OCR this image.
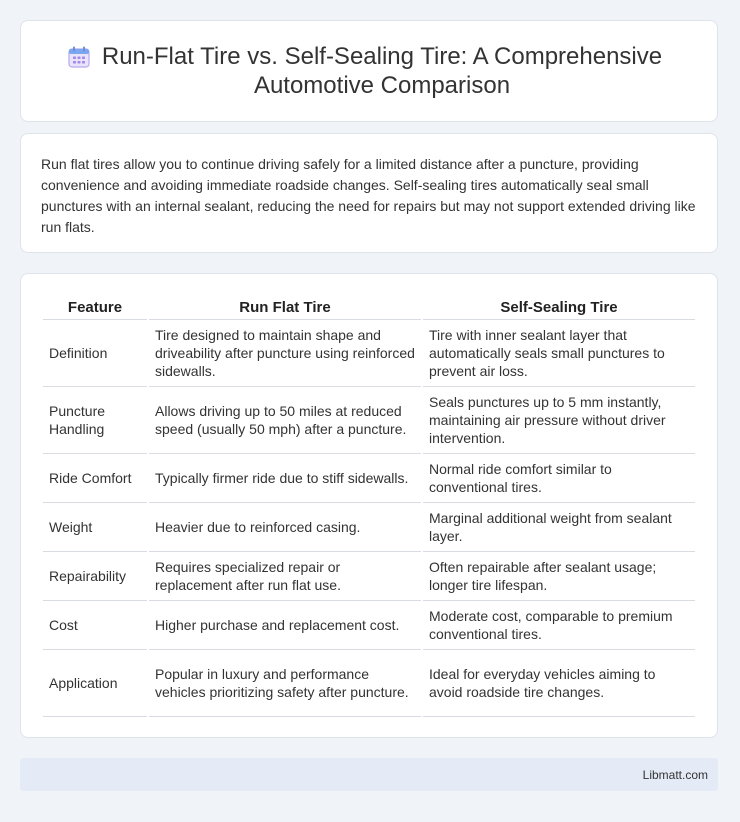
Run-Flat Tire vs. Self-Sealing Tire: A Comprehensive Automotive Comparison

Run flat tires allow you to continue driving safely for a limited distance after a puncture, providing convenience and avoiding immediate roadside changes. Self-sealing tires automatically seal small punctures with an internal sealant, reducing the need for repairs but may not support extended driving like run flats.

Feature	Run Flat Tire	Self-Sealing Tire
Definition	Tire designed to maintain shape and driveability after puncture using reinforced sidewalls.	Tire with inner sealant layer that automatically seals small punctures to prevent air loss.
Puncture Handling	Allows driving up to 50 miles at reduced speed (usually 50 mph) after a puncture.	Seals punctures up to 5 mm instantly, maintaining air pressure without driver intervention.
Ride Comfort	Typically firmer ride due to stiff sidewalls.	Normal ride comfort similar to conventional tires.
Weight	Heavier due to reinforced casing.	Marginal additional weight from sealant layer.
Repairability	Requires specialized repair or replacement after run flat use.	Often repairable after sealant usage; longer tire lifespan.
Cost	Higher purchase and replacement cost.	Moderate cost, comparable to premium conventional tires.
Application	Popular in luxury and performance vehicles prioritizing safety after puncture.	Ideal for everyday vehicles aiming to avoid roadside tire changes.
Libmatt.com
